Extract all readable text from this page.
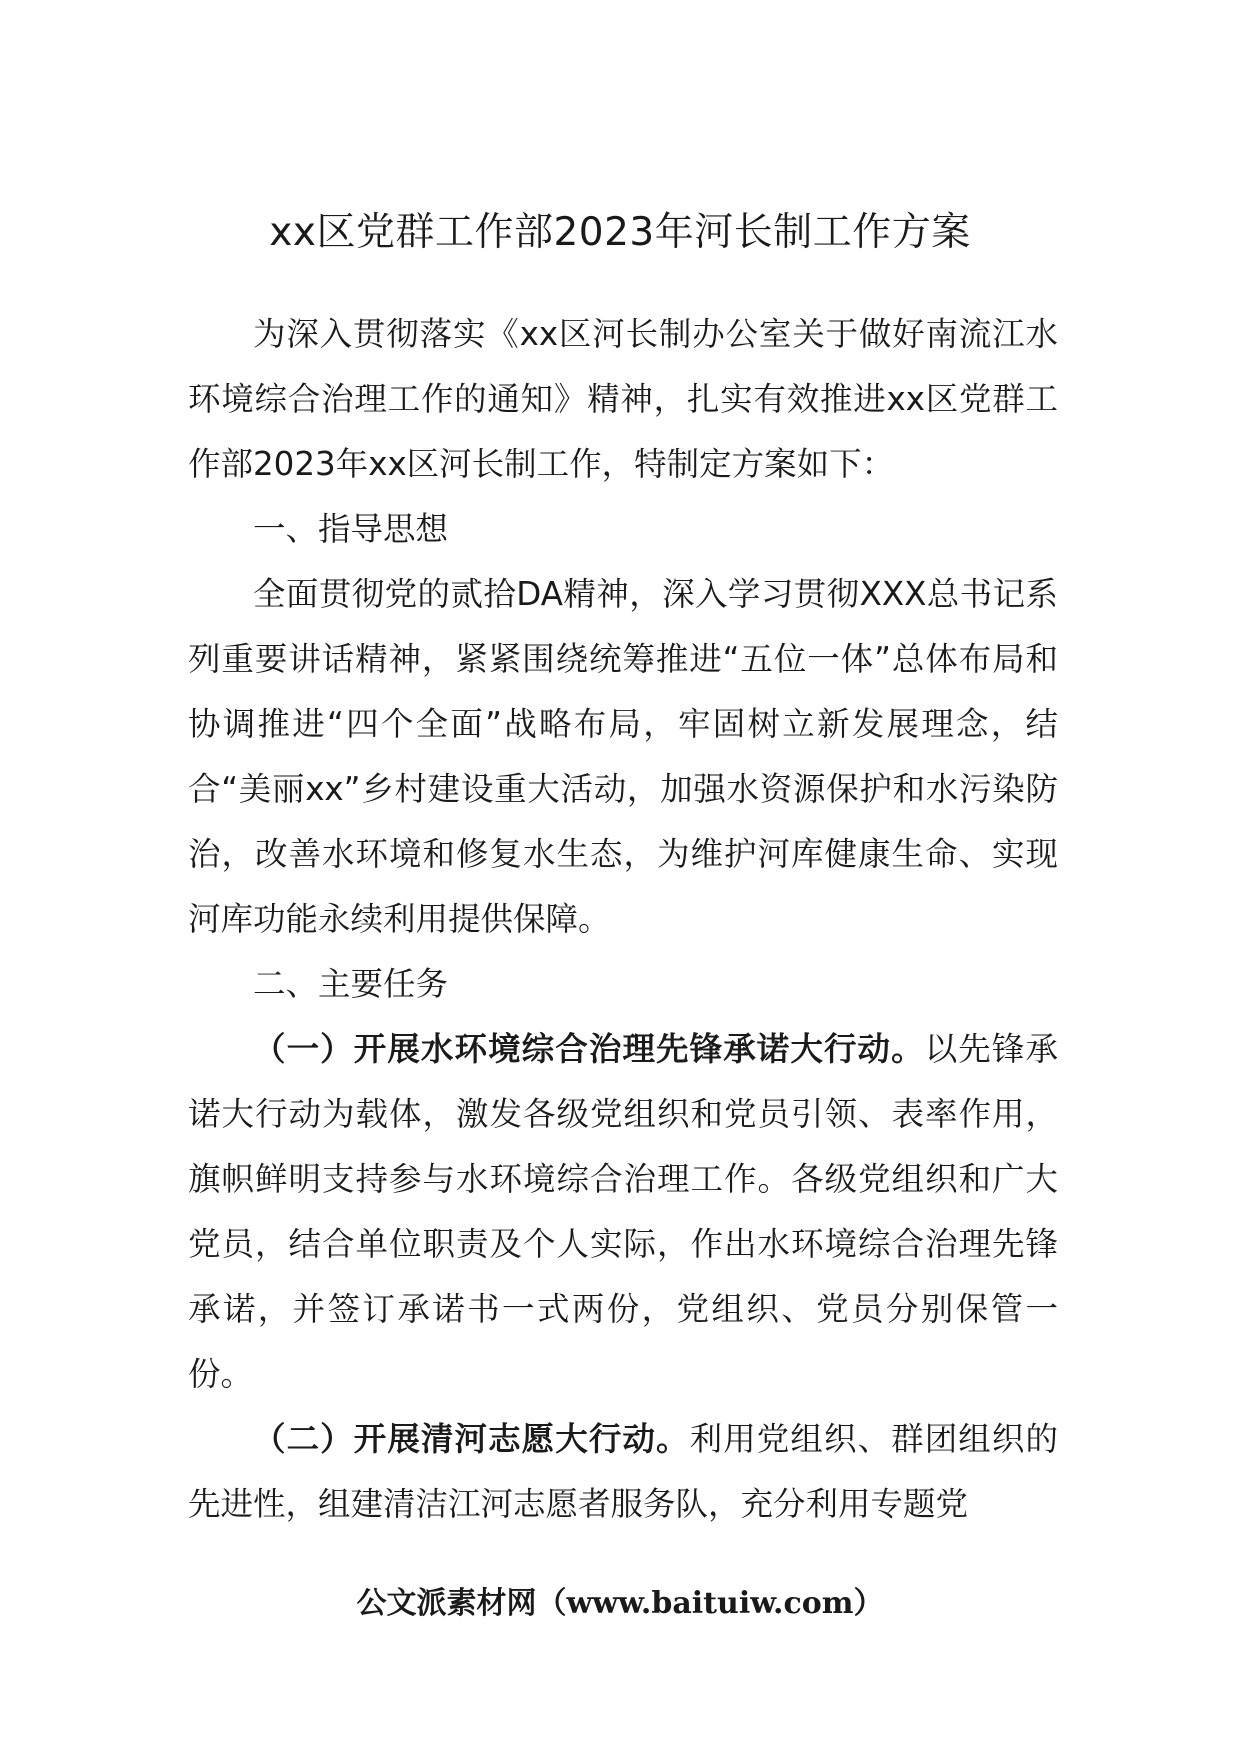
xx区党群工作部2023年河长制工作方案

为深入贯彻落实《xx区河长制办公室关于做好南流江水环境综合治理工作的通知》精神，扎实有效推进xx区党群工作部2023年xx区河长制工作，特制定方案如下：

一、指导思想

全面贯彻党的贰拾DA精神，深入学习贯彻XXX总书记系列重要讲话精神，紧紧围绕统筹推进“五位一体”总体布局和协调推进“四个全面”战略布局，牢固树立新发展理念，结合“美丽xx”乡村建设重大活动，加强水资源保护和水污染防治，改善水环境和修复水生态，为维护河库健康生命、实现河库功能永续利用提供保障。

二、主要任务

（一）开展水环境综合治理先锋承诺大行动。以先锋承诺大行动为载体，激发各级党组织和党员引领、表率作用，旗帜鲜明支持参与水环境综合治理工作。各级党组织和广大党员，结合单位职责及个人实际，作出水环境综合治理先锋承诺，并签订承诺书一式两份，党组织、党员分别保管一份。

（二）开展清河志愿大行动。利用党组织、群团组织的先进性，组建清洁江河志愿者服务队，充分利用专题党

公文派素材网（www.baituiw.com）
